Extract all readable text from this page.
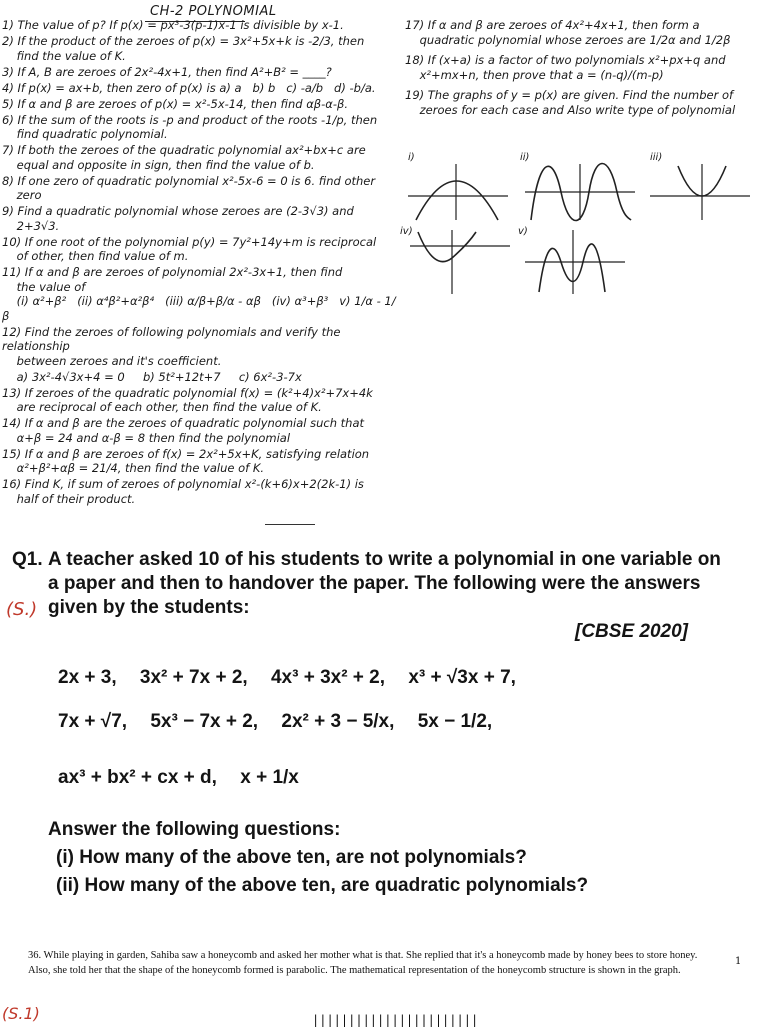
CH-2 POLYNOMIAL
1) The value of p? If p(x) = px³-3(p-1)x-1 is divisible by x-1.
2) If the product of the zeroes of p(x) = 3x²+5x+k is -2/3, then
find the value of K.
3) If A, B are zeroes of 2x²-4x+1, then find A²+B² = ____?
4) If p(x) = ax+b, then zero of p(x) is a) a   b) b   c) -a/b   d) -b/a.
5) If α and β are zeroes of p(x) = x²-5x-14, then find αβ-α-β.
6) If the sum of the roots is -p and product of the roots -1/p, then
find quadratic polynomial.
7) If both the zeroes of the quadratic polynomial ax²+bx+c are
equal and opposite in sign, then find the value of b.
8) If one zero of quadratic polynomial x²-5x-6 = 0 is 6. find other
zero
9) Find a quadratic polynomial whose zeroes are (2-3√3) and
2+3√3.
10) If one root of the polynomial p(y) = 7y²+14y+m is reciprocal
of other, then find value of m.
11) If α and β are zeroes of polynomial 2x²-3x+1, then find
the value of
(i) α²+β²   (ii) α⁴β²+α²β⁴   (iii) α/β+β/α - αβ   (iv) α³+β³   v) 1/α - 1/β
12) Find the zeroes of following polynomials and verify the relationship
between zeroes and it's coefficient.
a) 3x²-4√3x+4 = 0     b) 5t²+12t+7     c) 6x²-3-7x
13) If zeroes of the quadratic polynomial f(x) = (k²+4)x²+7x+4k
are reciprocal of each other, then find the value of K.
14) If α and β are the zeroes of quadratic polynomial such that
α+β = 24 and α-β = 8 then find the polynomial
15) If α and β are zeroes of f(x) = 2x²+5x+K, satisfying relation
α²+β²+αβ = 21/4, then find the value of K.
16) Find K, if sum of zeroes of polynomial x²-(k+6)x+2(2k-1) is
half of their product.
17) If α and β are zeroes of 4x²+4x+1, then form a
quadratic polynomial whose zeroes are 1/2α and 1/2β
18) If (x+a) is a factor of two polynomials x²+px+q and
x²+mx+n, then prove that a = (n-q)/(m-p)
19) The graphs of y = p(x) are given. Find the number of
zeroes for each case and Also write type of polynomial
i)	ii)	iii)
iv)	v)
Q1.
(S.)
A teacher asked 10 of his students to write a polynomial in one variable on a paper and then to handover the paper. The following were the answers given by the students:
[CBSE 2020]
2x + 3, 3x² + 7x + 2, 4x³ + 3x² + 2, x³ + √3x + 7,
7x + √7, 5x³ − 7x + 2, 2x² + 3 − 5/x, 5x − 1/2,
ax³ + bx² + cx + d, x + 1/x
Answer the following questions:
(i) How many of the above ten, are not polynomials?
(ii) How many of the above ten, are quadratic polynomials?
36. While playing in garden, Sahiba saw a honeycomb and asked her mother what is that. She replied that it's a honeycomb made by honey bees to store honey. Also, she told her that the shape of the honeycomb formed is parabolic. The mathematical representation of the honeycomb structure is shown in the graph.
1
(S.1)	|||||||||||||||||||||||
